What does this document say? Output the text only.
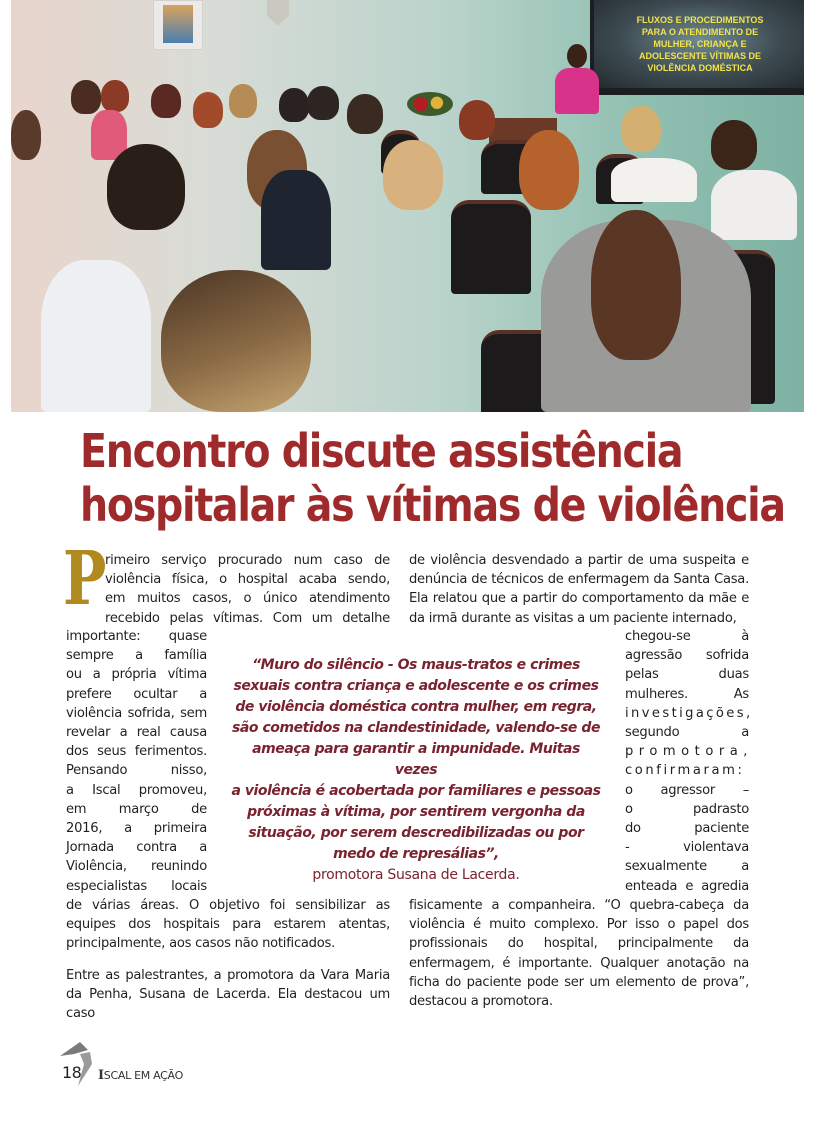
FLUXOS E PROCEDIMENTOS
PARA O ATENDIMENTO DE
MULHER, CRIANÇA E
ADOLESCENTE VÍTIMAS DE
VIOLÊNCIA DOMÉSTICA
Encontro discute assistência
hospitalar às vítimas de violência
P
rimeiro serviço procurado num caso de
violência física, o hospital acaba sendo,
em muitos casos, o único atendimento
recebido pelas vítimas. Com um detalhe
importante: quase
sempre a família
ou a própria vítima
prefere ocultar a
violência sofrida, sem
revelar a real causa
dos seus ferimentos.
Pensando nisso,
a Iscal promoveu,
em março de
2016, a primeira
Jornada contra a
Violência, reunindo
especialistas locais

de várias áreas. O objetivo foi sensibilizar as equipes dos hospitais para estarem atentas, principalmente, aos casos não notificados.

Entre as palestrantes, a promotora da Vara Maria da Penha, Susana de Lacerda. Ela destacou um caso

“Muro do silêncio - Os maus-tratos e crimes
sexuais contra criança e adolescente e os crimes
de violência doméstica contra mulher, em regra,
são cometidos na clandestinidade, valendo-se de
ameaça para garantir a impunidade. Muitas vezes
a violência é acobertada por familiares e pessoas
próximas à vítima, por sentirem vergonha da
situação, por serem descredibilizadas ou por
medo de represálias”,

promotora Susana de Lacerda.

de violência desvendado a partir de uma suspeita e denúncia de técnicos de enfermagem da Santa Casa. Ela relatou que a partir do comportamento da mãe e da irmã durante as visitas a um paciente internado,

chegou-se à
agressão sofrida
pelas duas
mulheres. As
investigações,
segundo a
promotora,
confirmaram:
o agressor –
o padrasto
do paciente
- violentava
sexualmente a
enteada e agredia

fisicamente a companheira. “O quebra-cabeça da violência é muito complexo. Por isso o papel dos profissionais do hospital, principalmente da enfermagem, é importante. Qualquer anotação na ficha do paciente pode ser um elemento de prova”, destacou a promotora.

18 ISCAL EM AÇÃO
